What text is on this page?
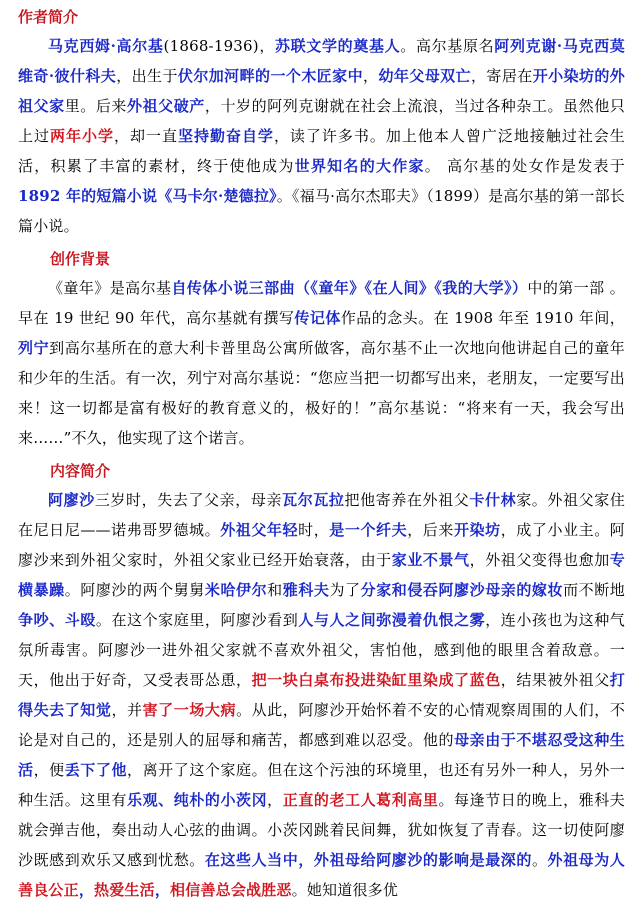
作者简介

马克西姆·高尔基(1868-1936)，苏联文学的奠基人。高尔基原名阿列克谢·马克西莫维奇·彼什科夫，出生于伏尔加河畔的一个木匠家中，幼年父母双亡，寄居在开小染坊的外祖父家里。后来外祖父破产，十岁的阿列克谢就在社会上流浪，当过各种杂工。虽然他只上过两年小学，却一直坚持勤奋自学，读了许多书。加上他本人曾广泛地接触过社会生活，积累了丰富的素材，终于使他成为世界知名的大作家。 高尔基的处女作是发表于1892 年的短篇小说《马卡尔·楚德拉》。《福马·高尔杰耶夫》（1899）是高尔基的第一部长篇小说。

创作背景

《童年》是高尔基自传体小说三部曲（《童年》《在人间》《我的大学》）中的第一部 。早在 19 世纪 90 年代，高尔基就有撰写传记体作品的念头。在 1908 年至 1910 年间，列宁到高尔基所在的意大利卡普里岛公寓所做客，高尔基不止一次地向他讲起自己的童年和少年的生活。有一次，列宁对高尔基说：“您应当把一切都写出来，老朋友，一定要写出来！这一切都是富有极好的教育意义的，极好的！”高尔基说：“将来有一天，我会写出来……”不久，他实现了这个诺言。

内容简介

阿廖沙三岁时，失去了父亲，母亲瓦尔瓦拉把他寄养在外祖父卡什林家。外祖父家住在尼日尼——诺弗哥罗德城。外祖父年轻时，是一个纤夫，后来开染坊，成了小业主。阿廖沙来到外祖父家时，外祖父家业已经开始衰落，由于家业不景气，外祖父变得也愈加专横暴躁。阿廖沙的两个舅舅米哈伊尔和雅科夫为了分家和侵吞阿廖沙母亲的嫁妆而不断地争吵、斗殴。在这个家庭里，阿廖沙看到人与人之间弥漫着仇恨之雾，连小孩也为这种气氛所毒害。阿廖沙一进外祖父家就不喜欢外祖父，害怕他，感到他的眼里含着敌意。一天，他出于好奇，又受表哥怂恿，把一块白桌布投进染缸里染成了蓝色，结果被外祖父打得失去了知觉，并害了一场大病。从此，阿廖沙开始怀着不安的心情观察周围的人们，不论是对自己的，还是别人的屈辱和痛苦，都感到难以忍受。他的母亲由于不堪忍受这种生活，便丢下了他，离开了这个家庭。但在这个污浊的环境里，也还有另外一种人，另外一种生活。这里有乐观、纯朴的小茨冈，正直的老工人葛利高里。每逢节日的晚上，雅科夫就会弹吉他，奏出动人心弦的曲调。小茨冈跳着民间舞，犹如恢复了青春。这一切使阿廖沙既感到欢乐又感到忧愁。在这些人当中，外祖母给阿廖沙的影响是最深的。外祖母为人善良公正，热爱生活，相信善总会战胜恶。她知道很多优
